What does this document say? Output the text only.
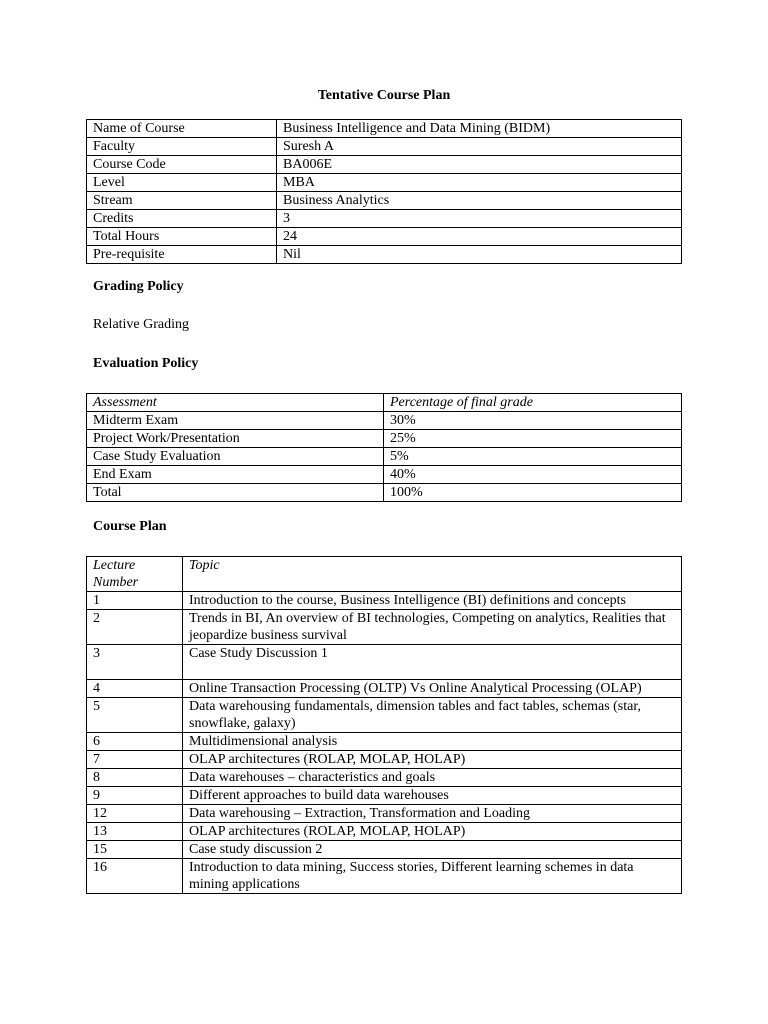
Tentative Course Plan
Name of Course	Business Intelligence and Data Mining (BIDM)
Faculty	Suresh A
Course Code	BA006E
Level	MBA
Stream	Business Analytics
Credits	3
Total Hours	24
Pre-requisite	Nil
Grading Policy
Relative Grading
Evaluation Policy
Assessment	Percentage of final grade
Midterm Exam	30%
Project Work/Presentation	25%
Case Study Evaluation	5%
End Exam	40%
Total	100%
Course Plan
Lecture Number	Topic
1	Introduction to the course, Business Intelligence (BI) definitions and concepts
2	Trends in BI, An overview of BI technologies, Competing on analytics, Realities that jeopardize business survival
3	Case Study Discussion 1
4	Online Transaction Processing (OLTP) Vs Online Analytical Processing (OLAP)
5	Data warehousing fundamentals, dimension tables and fact tables, schemas (star, snowflake, galaxy)
6	Multidimensional analysis
7	OLAP architectures (ROLAP, MOLAP, HOLAP)
8	Data warehouses – characteristics and goals
9	Different approaches to build data warehouses
12	Data warehousing – Extraction, Transformation and Loading
13	OLAP architectures (ROLAP, MOLAP, HOLAP)
15	Case study discussion 2
16	Introduction to data mining, Success stories, Different learning schemes in data mining applications
